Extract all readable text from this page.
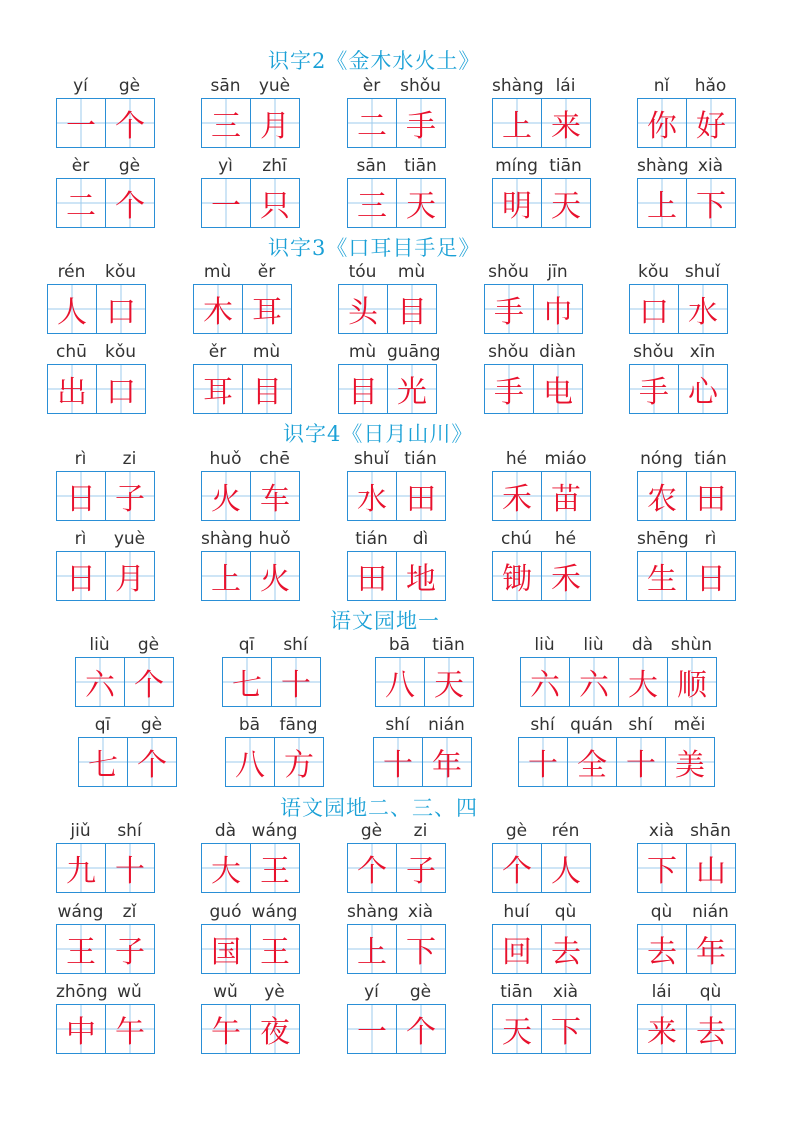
识字2《金木水火土》
识字3《口耳目手足》
识字4《日月山川》
语文园地一
语文园地二、三、四
yí	gè
一 个
sān	yuè
三 月
èr	shǒu
二 手
shàng lái
上 来
nǐ	hǎo
你 好
èr	gè
二 个
yì	zhī
一 只
sān	tiān
三 天
míng tiān
明 天
shàng xià
上 下
rén	kǒu
人 口
mù	ěr
木 耳
tóu	mù
头 目
shǒu	jīn
手 巾
kǒu shuǐ
口 水
chū	kǒu
出 口
ěr	mù
耳 目
mù guāng
目 光
shǒu diàn
手 电
shǒu xīn
手 心
rì	zi
日 子
huǒ	chē
火 车
shuǐ tián
水 田
hé	miáo
禾 苗
nóng tián
农 田
rì	yuè
日 月
shàng huǒ
上 火
tián	dì
田 地
chú	hé
锄 禾
shēng rì
生 日
liù	gè
六 个
qī	shí
七 十
bā	tiān
八 天
liù	liù	dà	shùn
六 六 大 顺
qī	gè
七 个
bā	fāng
八 方
shí	nián
十 年
shí quán shí	měi
十 全 十 美
jiǔ	shí
九 十
dà wáng
大 王
gè	zi
个 子
gè	rén
个 人
xià shān
下 山
wáng	zǐ
王 子
guó wáng
国 王
shàng xià
上 下
huí	qù
回 去
qù	nián
去 年
zhōng wǔ
中 午
wǔ	yè
午 夜
yí	gè
一 个
tiān	xià
天 下
lái	qù
来 去
